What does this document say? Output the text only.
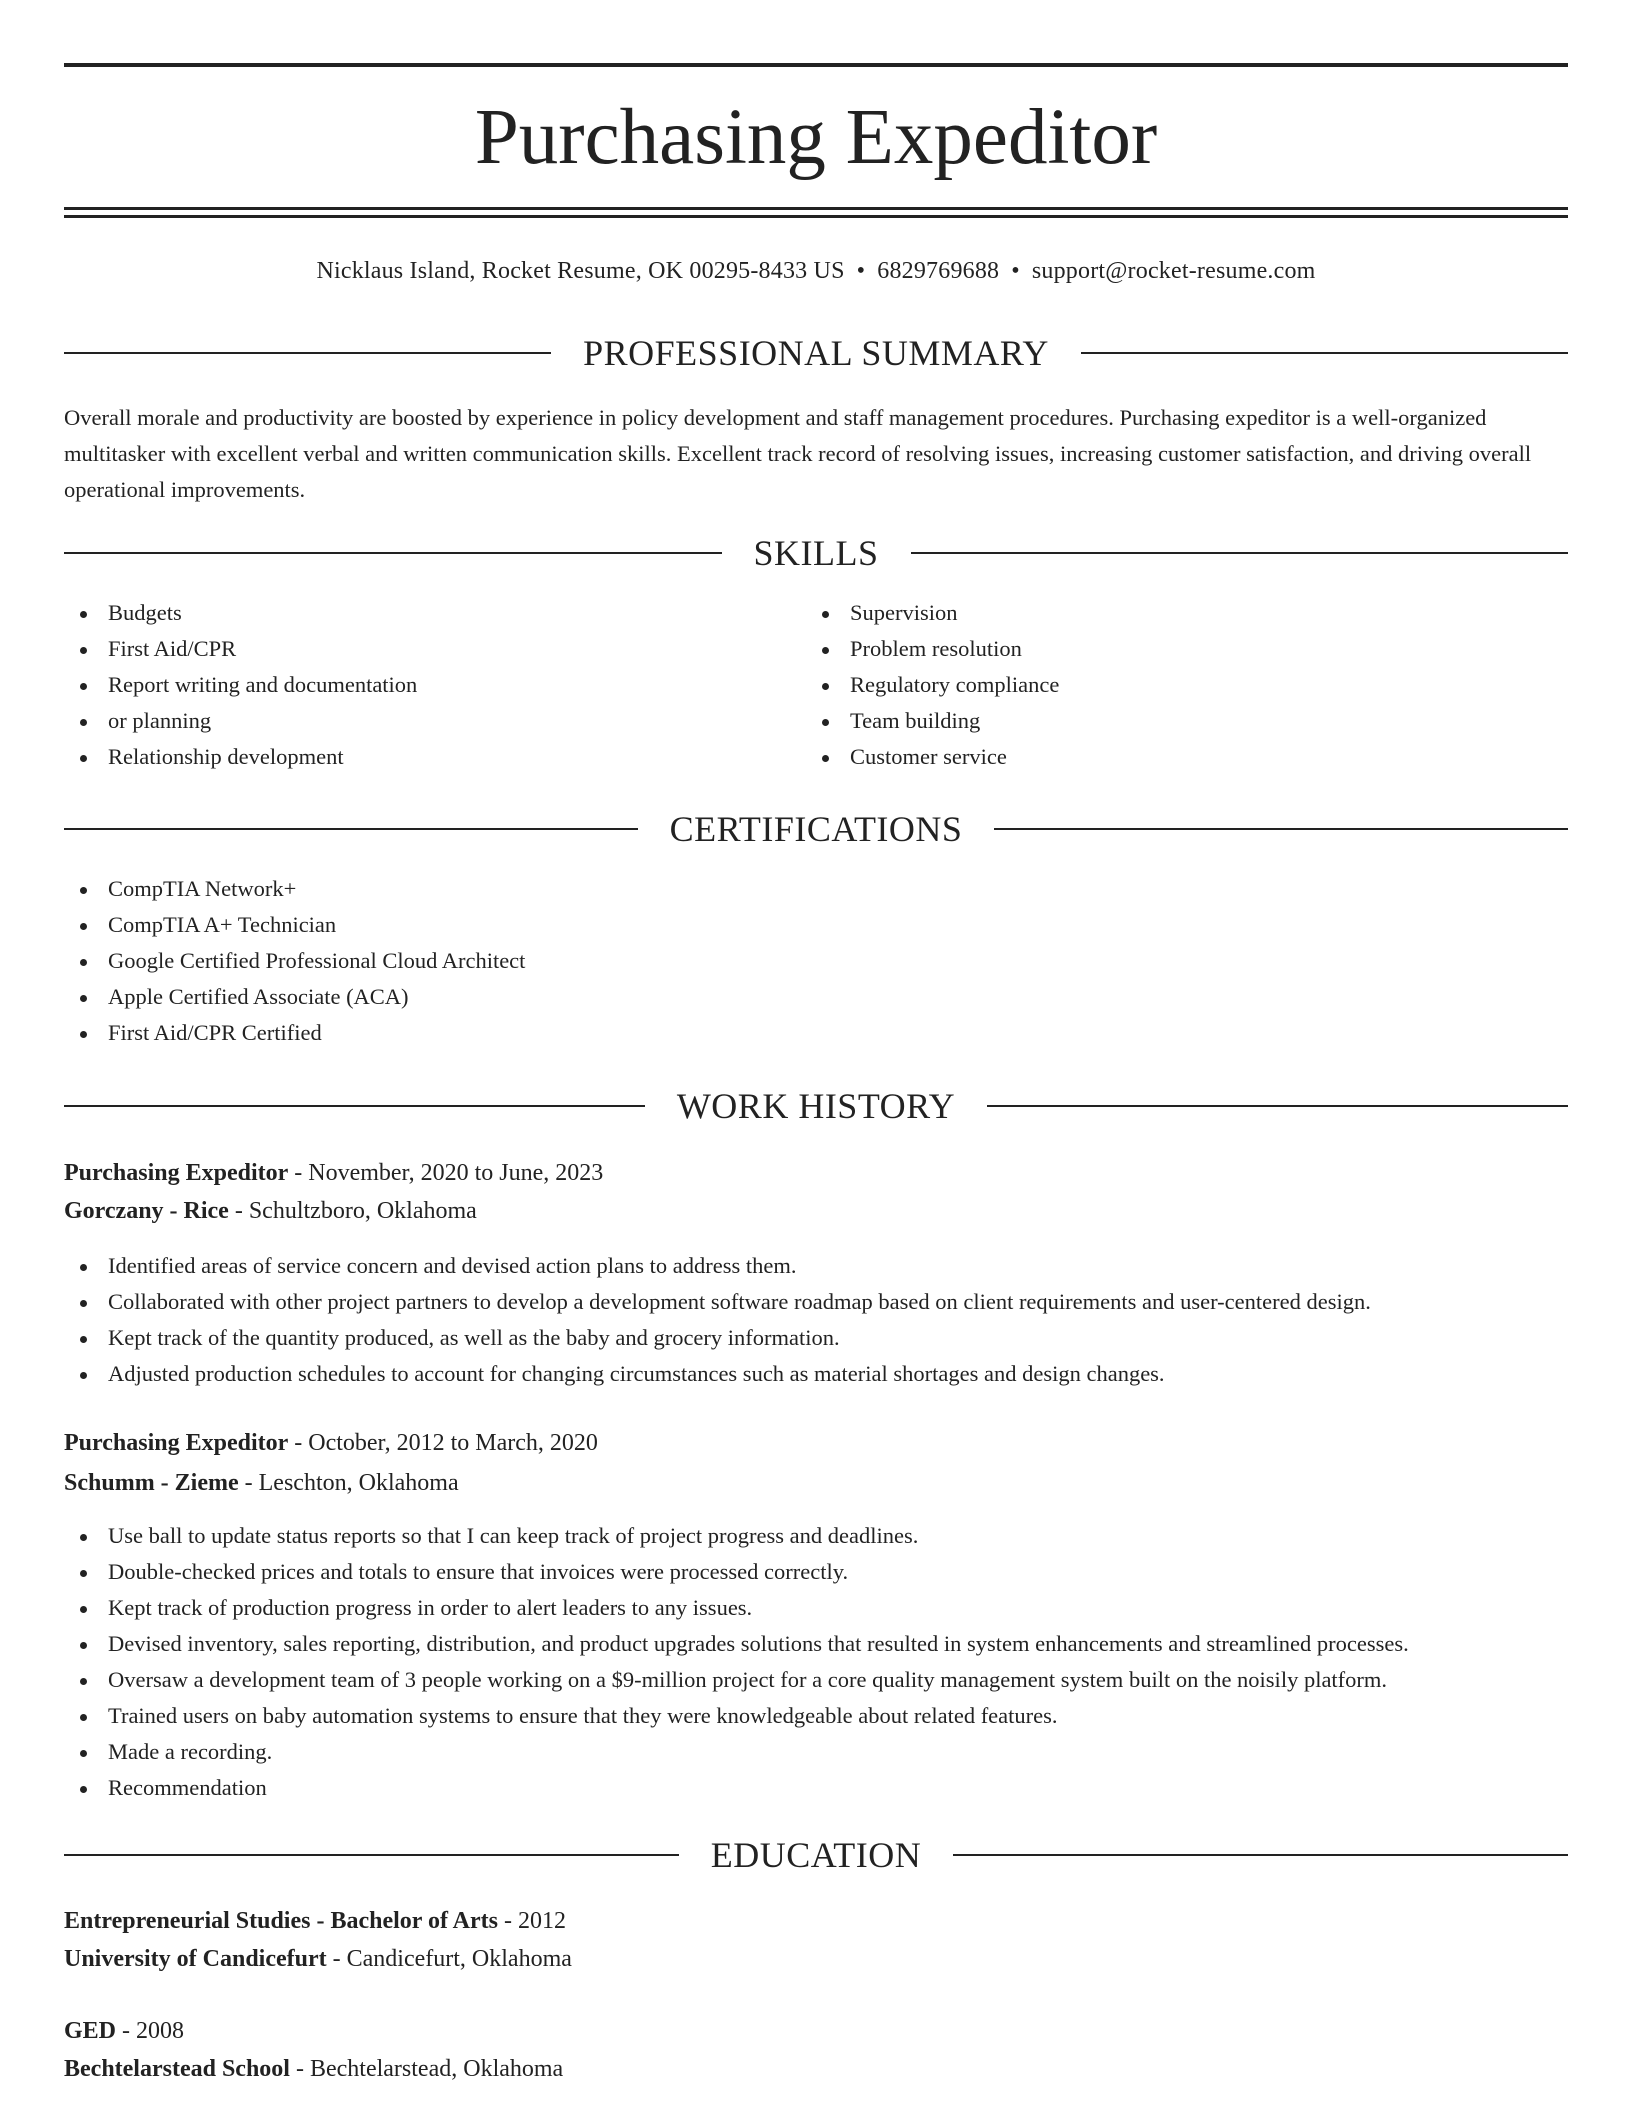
Purchasing Expeditor
Nicklaus Island, Rocket Resume, OK 00295-8433 US • 6829769688 • support@rocket-resume.com
PROFESSIONAL SUMMARY

Overall morale and productivity are boosted by experience in policy development and staff management procedures. Purchasing expeditor is a well-organized multitasker with excellent verbal and written communication skills. Excellent track record of resolving issues, increasing customer satisfaction, and driving overall operational improvements.

SKILLS
Budgets
First Aid/CPR
Report writing and documentation
or planning
Relationship development
Supervision
Problem resolution
Regulatory compliance
Team building
Customer service
CERTIFICATIONS
CompTIA Network+
CompTIA A+ Technician
Google Certified Professional Cloud Architect
Apple Certified Associate (ACA)
First Aid/CPR Certified
WORK HISTORY
Purchasing Expeditor - November, 2020 to June, 2023
Gorczany - Rice - Schultzboro, Oklahoma
Identified areas of service concern and devised action plans to address them.
Collaborated with other project partners to develop a development software roadmap based on client requirements and user-centered design.
Kept track of the quantity produced, as well as the baby and grocery information.
Adjusted production schedules to account for changing circumstances such as material shortages and design changes.
Purchasing Expeditor - October, 2012 to March, 2020
Schumm - Zieme - Leschton, Oklahoma
Use ball to update status reports so that I can keep track of project progress and deadlines.
Double-checked prices and totals to ensure that invoices were processed correctly.
Kept track of production progress in order to alert leaders to any issues.
Devised inventory, sales reporting, distribution, and product upgrades solutions that resulted in system enhancements and streamlined processes.
Oversaw a development team of 3 people working on a $9-million project for a core quality management system built on the noisily platform.
Trained users on baby automation systems to ensure that they were knowledgeable about related features.
Made a recording.
Recommendation
EDUCATION
Entrepreneurial Studies - Bachelor of Arts - 2012
University of Candicefurt - Candicefurt, Oklahoma
GED - 2008
Bechtelarstead School - Bechtelarstead, Oklahoma
